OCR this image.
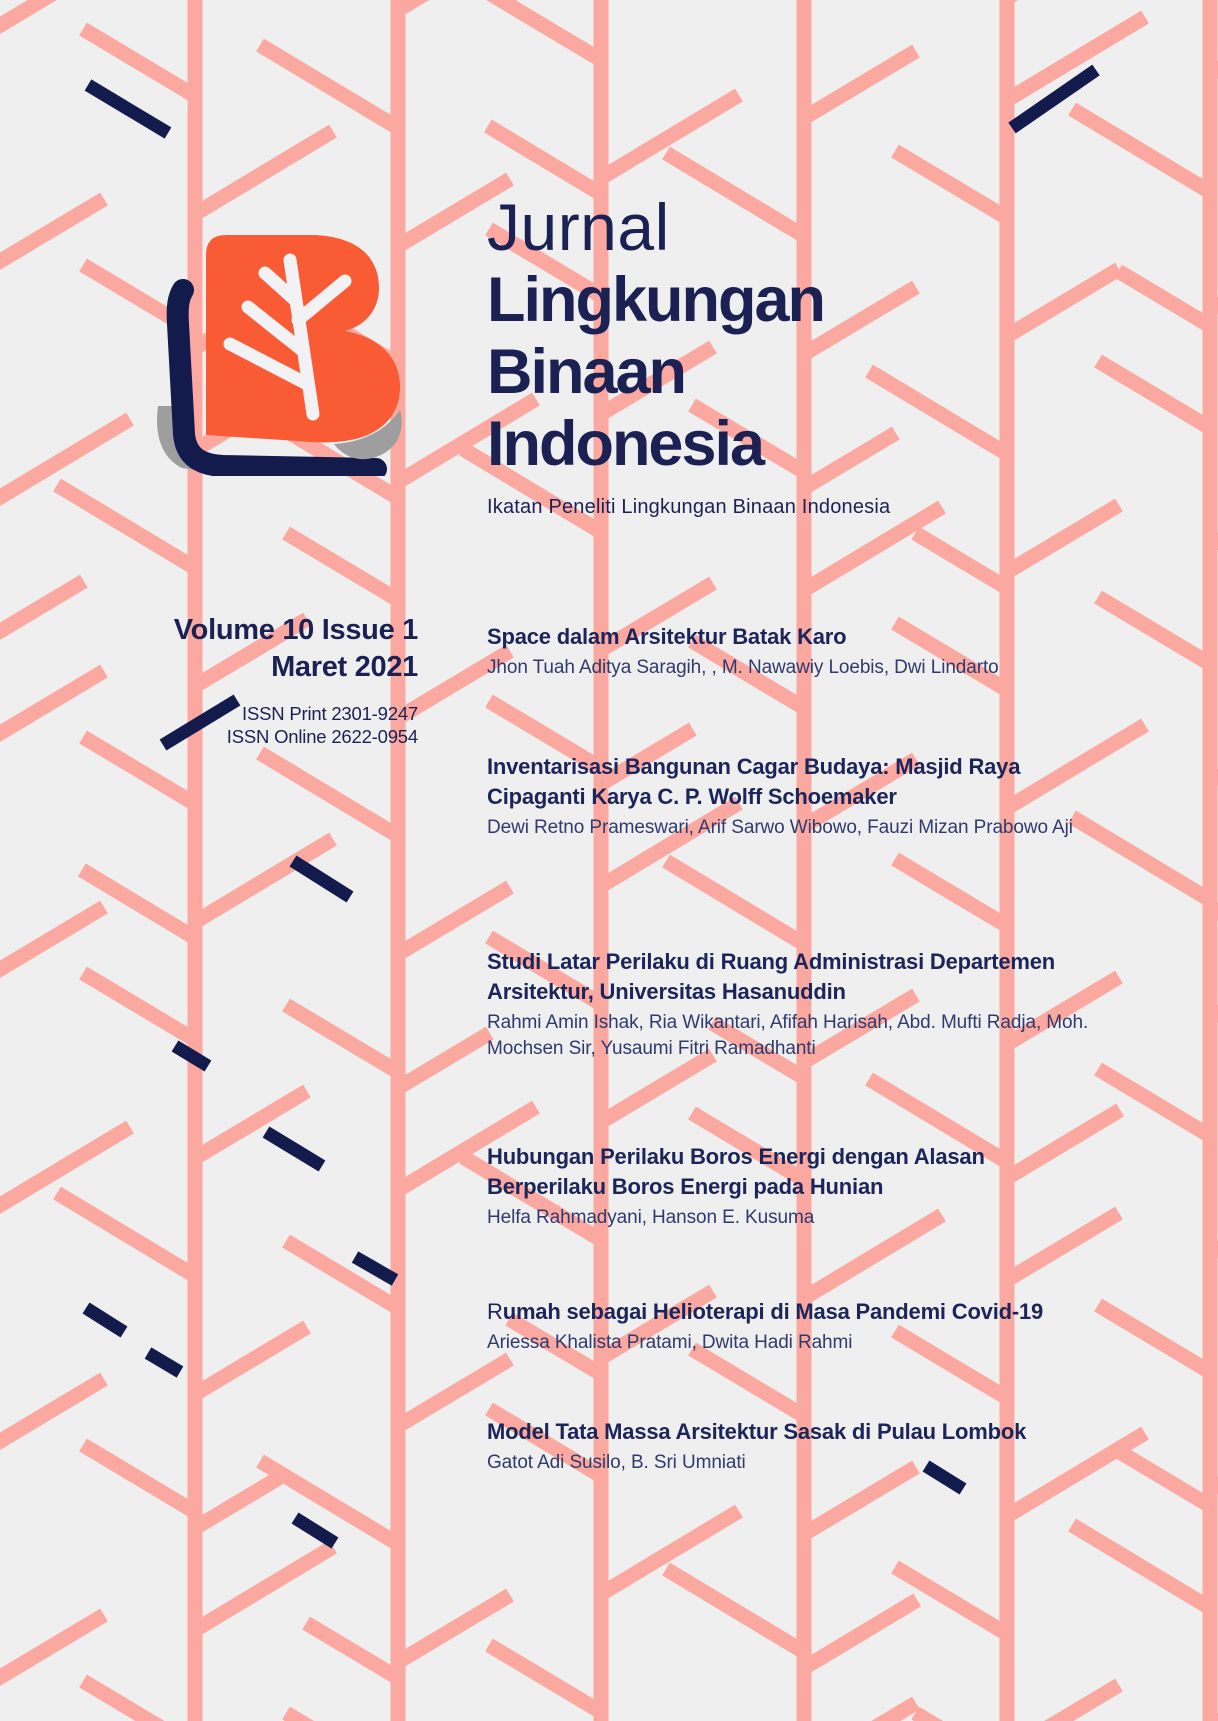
Jurnal
Lingkungan
Binaan
Indonesia
Ikatan Peneliti Lingkungan Binaan Indonesia
Volume 10 Issue 1
Maret 2021
ISSN Print 2301-9247
ISSN Online 2622-0954
Space dalam Arsitektur Batak Karo

Jhon Tuah Aditya Saragih, , M. Nawawiy Loebis, Dwi Lindarto

Inventarisasi Bangunan Cagar Budaya: Masjid Raya Cipaganti Karya C. P. Wolff Schoemaker

Dewi Retno Prameswari, Arif Sarwo Wibowo, Fauzi Mizan Prabowo Aji

Studi Latar Perilaku di Ruang Administrasi Departemen Arsitektur, Universitas Hasanuddin

Rahmi Amin Ishak, Ria Wikantari, Afifah Harisah, Abd. Mufti Radja, Moh. Mochsen Sir, Yusaumi Fitri Ramadhanti

Hubungan Perilaku Boros Energi dengan Alasan Berperilaku Boros Energi pada Hunian

Helfa Rahmadyani, Hanson E. Kusuma

Rumah sebagai Helioterapi di Masa Pandemi Covid-19

Ariessa Khalista Pratami, Dwita Hadi Rahmi

Model Tata Massa Arsitektur Sasak di Pulau Lombok

Gatot Adi Susilo, B. Sri Umniati
